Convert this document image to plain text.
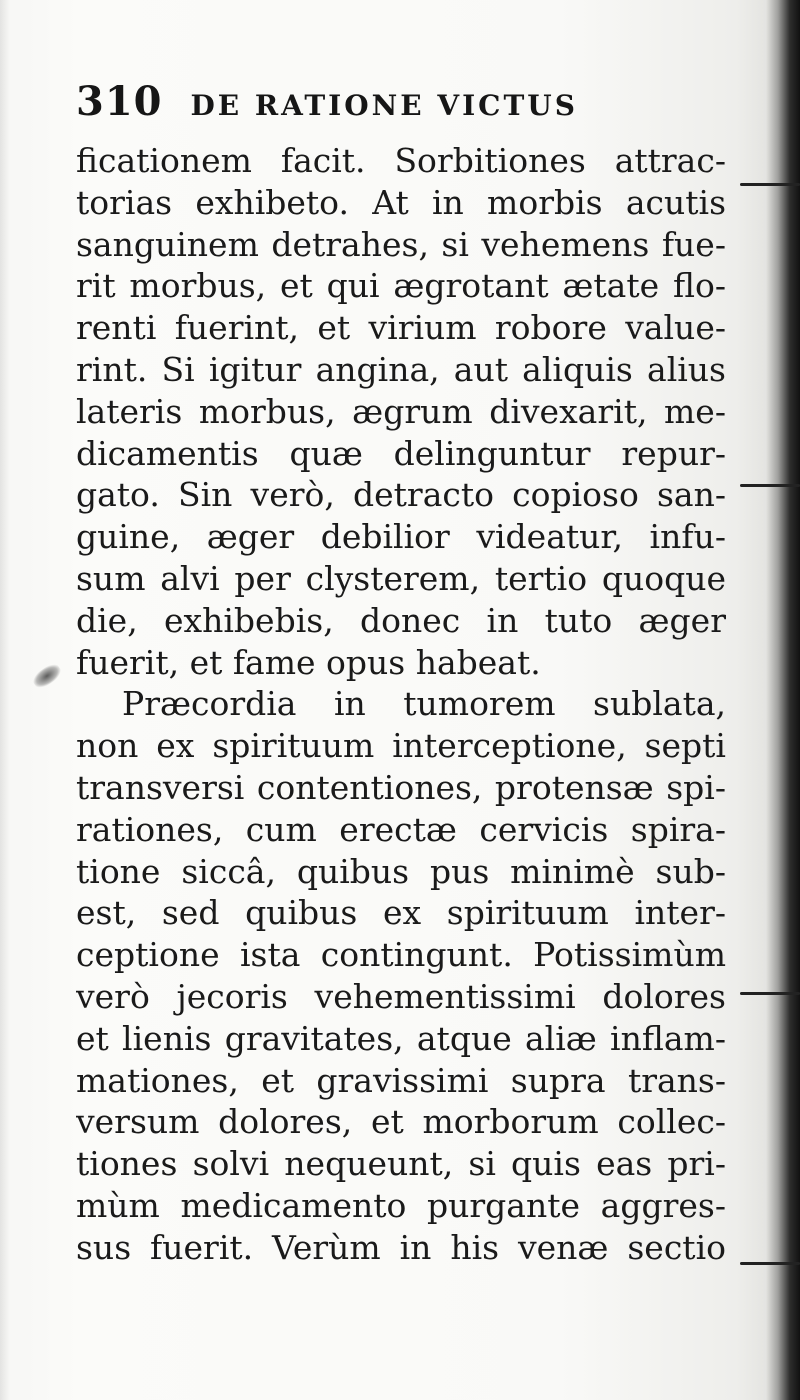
310 DE RATIONE VICTUS
ficationem facit. Sorbitiones attrac-
torias exhibeto. At in morbis acutis
sanguinem detrahes, si vehemens fue-
rit morbus, et qui ægrotant ætate flo-
renti fuerint, et virium robore value-
rint. Si igitur angina, aut aliquis alius
lateris morbus, ægrum divexarit, me-
dicamentis quæ delinguntur repur-
gato. Sin verò, detracto copioso san-
guine, æger debilior videatur, infu-
sum alvi per clysterem, tertio quoque
die, exhibebis, donec in tuto æger
fuerit, et fame opus habeat.
Præcordia in tumorem sublata,
non ex spirituum interceptione, septi
transversi contentiones, protensæ spi-
rationes, cum erectæ cervicis spira-
tione siccâ, quibus pus minimè sub-
est, sed quibus ex spirituum inter-
ceptione ista contingunt. Potissimùm
verò jecoris vehementissimi dolores
et lienis gravitates, atque aliæ inflam-
mationes, et gravissimi supra trans-
versum dolores, et morborum collec-
tiones solvi nequeunt, si quis eas pri-
mùm medicamento purgante aggres-
sus fuerit. Verùm in his venæ sectio
